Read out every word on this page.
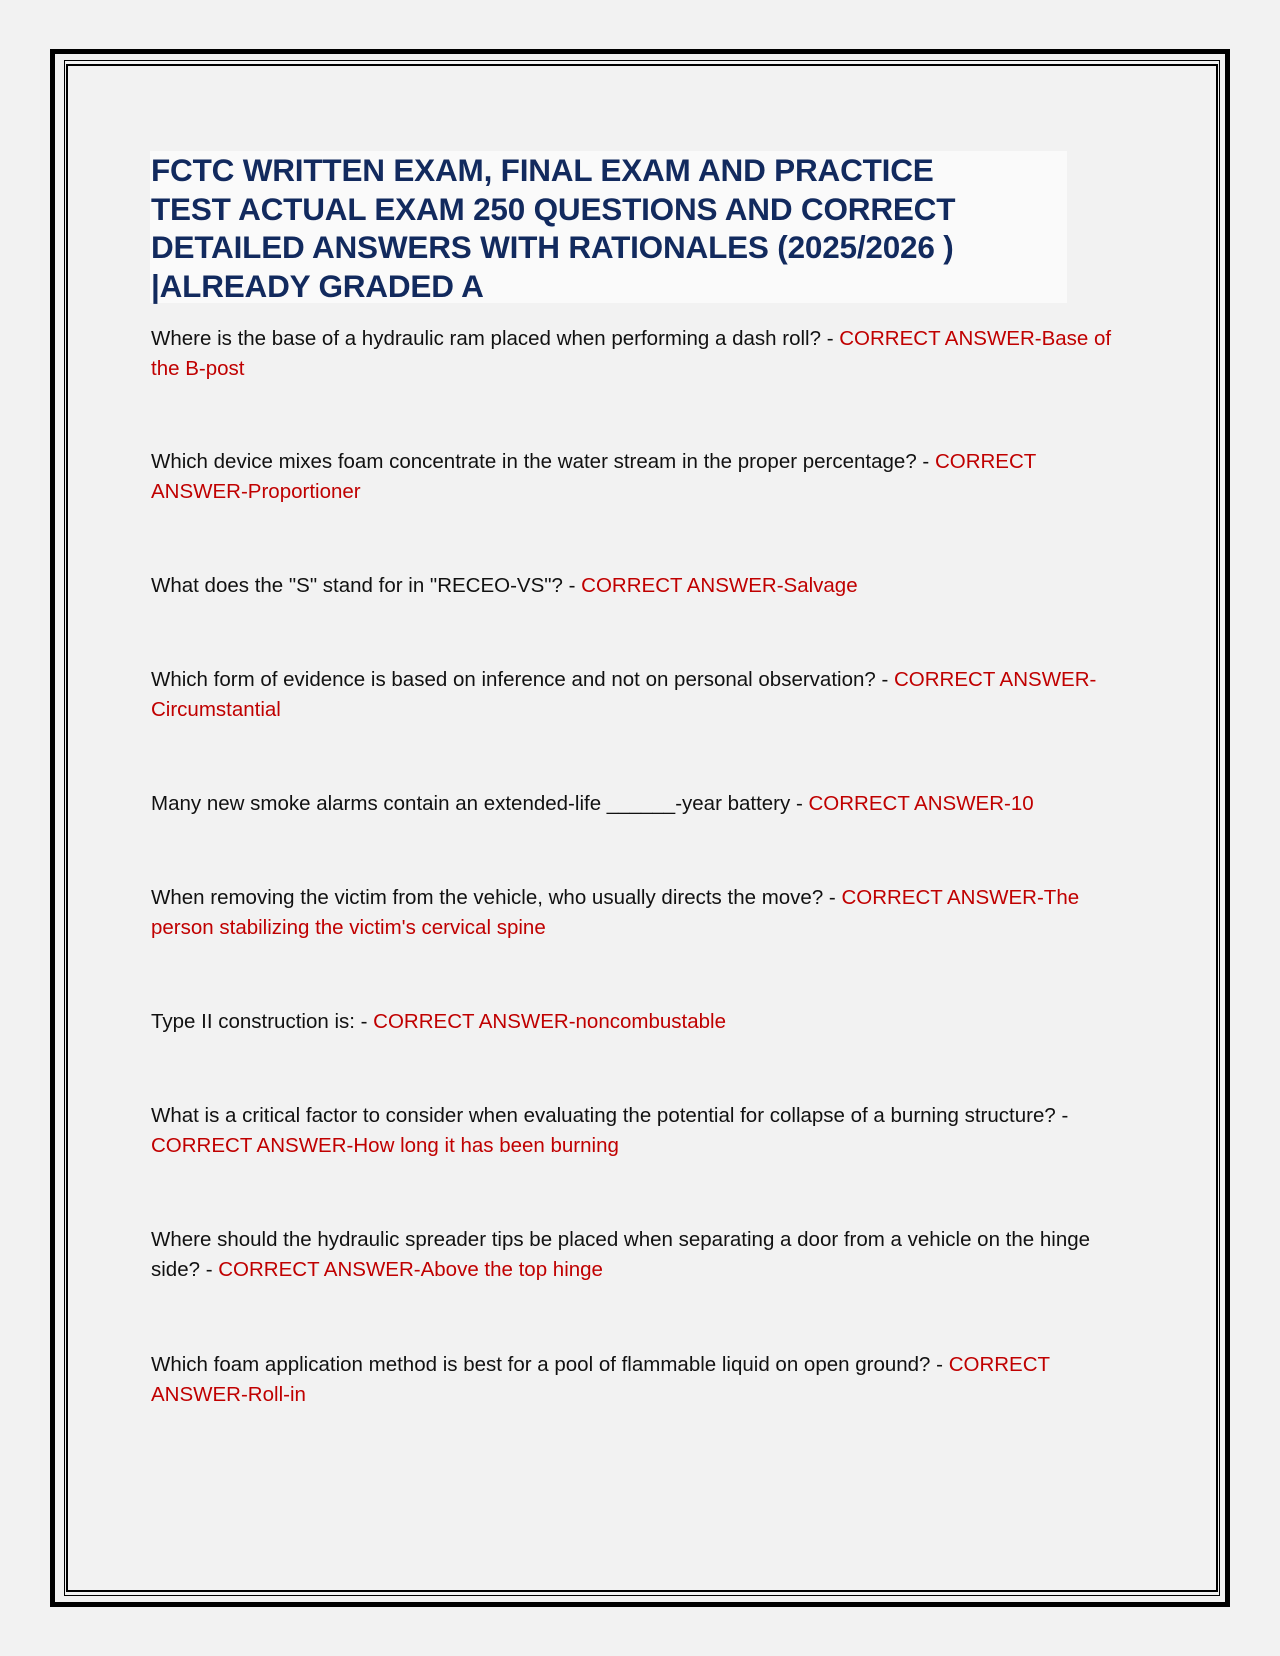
FCTC WRITTEN EXAM, FINAL EXAM AND PRACTICE
TEST ACTUAL EXAM 250 QUESTIONS AND CORRECT
DETAILED ANSWERS WITH RATIONALES (2025/2026 )
|ALREADY GRADED A
Where is the base of a hydraulic ram placed when performing a dash roll? - CORRECT ANSWER-Base of the B-post
Which device mixes foam concentrate in the water stream in the proper percentage? - CORRECT ANSWER-Proportioner
What does the "S" stand for in "RECEO-VS"? - CORRECT ANSWER-Salvage
Which form of evidence is based on inference and not on personal observation? - CORRECT ANSWER-Circumstantial
Many new smoke alarms contain an extended-life ______-year battery - CORRECT ANSWER-10
When removing the victim from the vehicle, who usually directs the move? - CORRECT ANSWER-The person stabilizing the victim's cervical spine
Type II construction is: - CORRECT ANSWER-noncombustable
What is a critical factor to consider when evaluating the potential for collapse of a burning structure? - CORRECT ANSWER-How long it has been burning
Where should the hydraulic spreader tips be placed when separating a door from a vehicle on the hinge side? - CORRECT ANSWER-Above the top hinge
Which foam application method is best for a pool of flammable liquid on open ground? - CORRECT ANSWER-Roll-in
